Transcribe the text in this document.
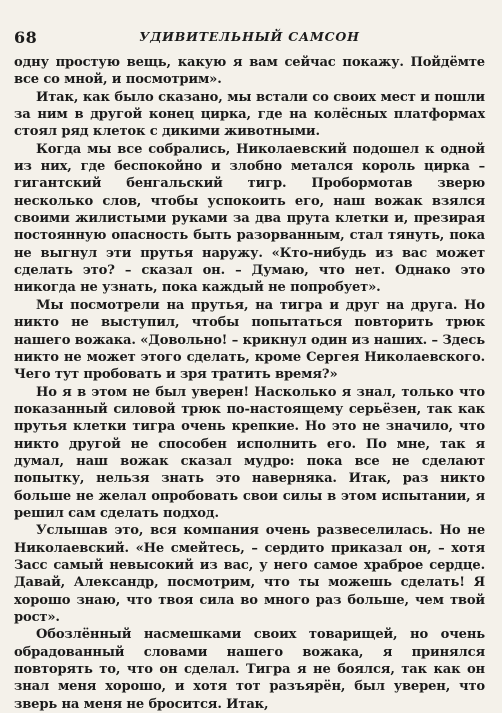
68	УДИВИТЕЛЬНЫЙ САМСОН

одну простую вещь, какую я вам сейчас покажу. Пойдёмте все со мной, и посмотрим».

Итак, как было сказано, мы встали со своих мест и пошли за ним в другой конец цирка, где на колёсных платформах стоял ряд клеток с дикими животными.

Когда мы все собрались, Николаевский подошел к одной из них, где беспокойно и злобно метался король цирка – гигантский бенгальский тигр. Пробормотав зверю несколько слов, чтобы успокоить его, наш вожак взялся своими жилистыми руками за два прута клетки и, презирая постоянную опасность быть разорванным, стал тянуть, пока не выгнул эти прутья наружу. «Кто-нибудь из вас может сделать это? – сказал он. – Думаю, что нет. Однако это никогда не узнать, пока каждый не попробует».

Мы посмотрели на прутья, на тигра и друг на друга. Но никто не выступил, чтобы попытаться повторить трюк нашего вожака. «Довольно! – крикнул один из наших. – Здесь никто не может этого сделать, кроме Сергея Николаевского. Чего тут пробовать и зря тратить время?»

Но я в этом не был уверен! Насколько я знал, только что показанный силовой трюк по-настоящему серьёзен, так как прутья клетки тигра очень крепкие. Но это не значило, что никто другой не способен исполнить его. По мне, так я думал, наш вожак сказал мудро: пока все не сделают попытку, нельзя знать это наверняка. Итак, раз никто больше не желал опробовать свои силы в этом испытании, я решил сам сделать подход.

Услышав это, вся компания очень развеселилась. Но не Николаевский. «Не смейтесь, – сердито приказал он, – хотя Засс самый невысокий из вас, у него самое храброе сердце. Давай, Александр, посмотрим, что ты можешь сделать! Я хорошо знаю, что твоя сила во много раз больше, чем твой рост».

Обозлённый насмешками своих товарищей, но очень обрадованный словами нашего вожака, я принялся повторять то, что он сделал. Тигра я не боялся, так как он знал меня хорошо, и хотя тот разъярён, был уверен, что зверь на меня не бросится. Итак,
